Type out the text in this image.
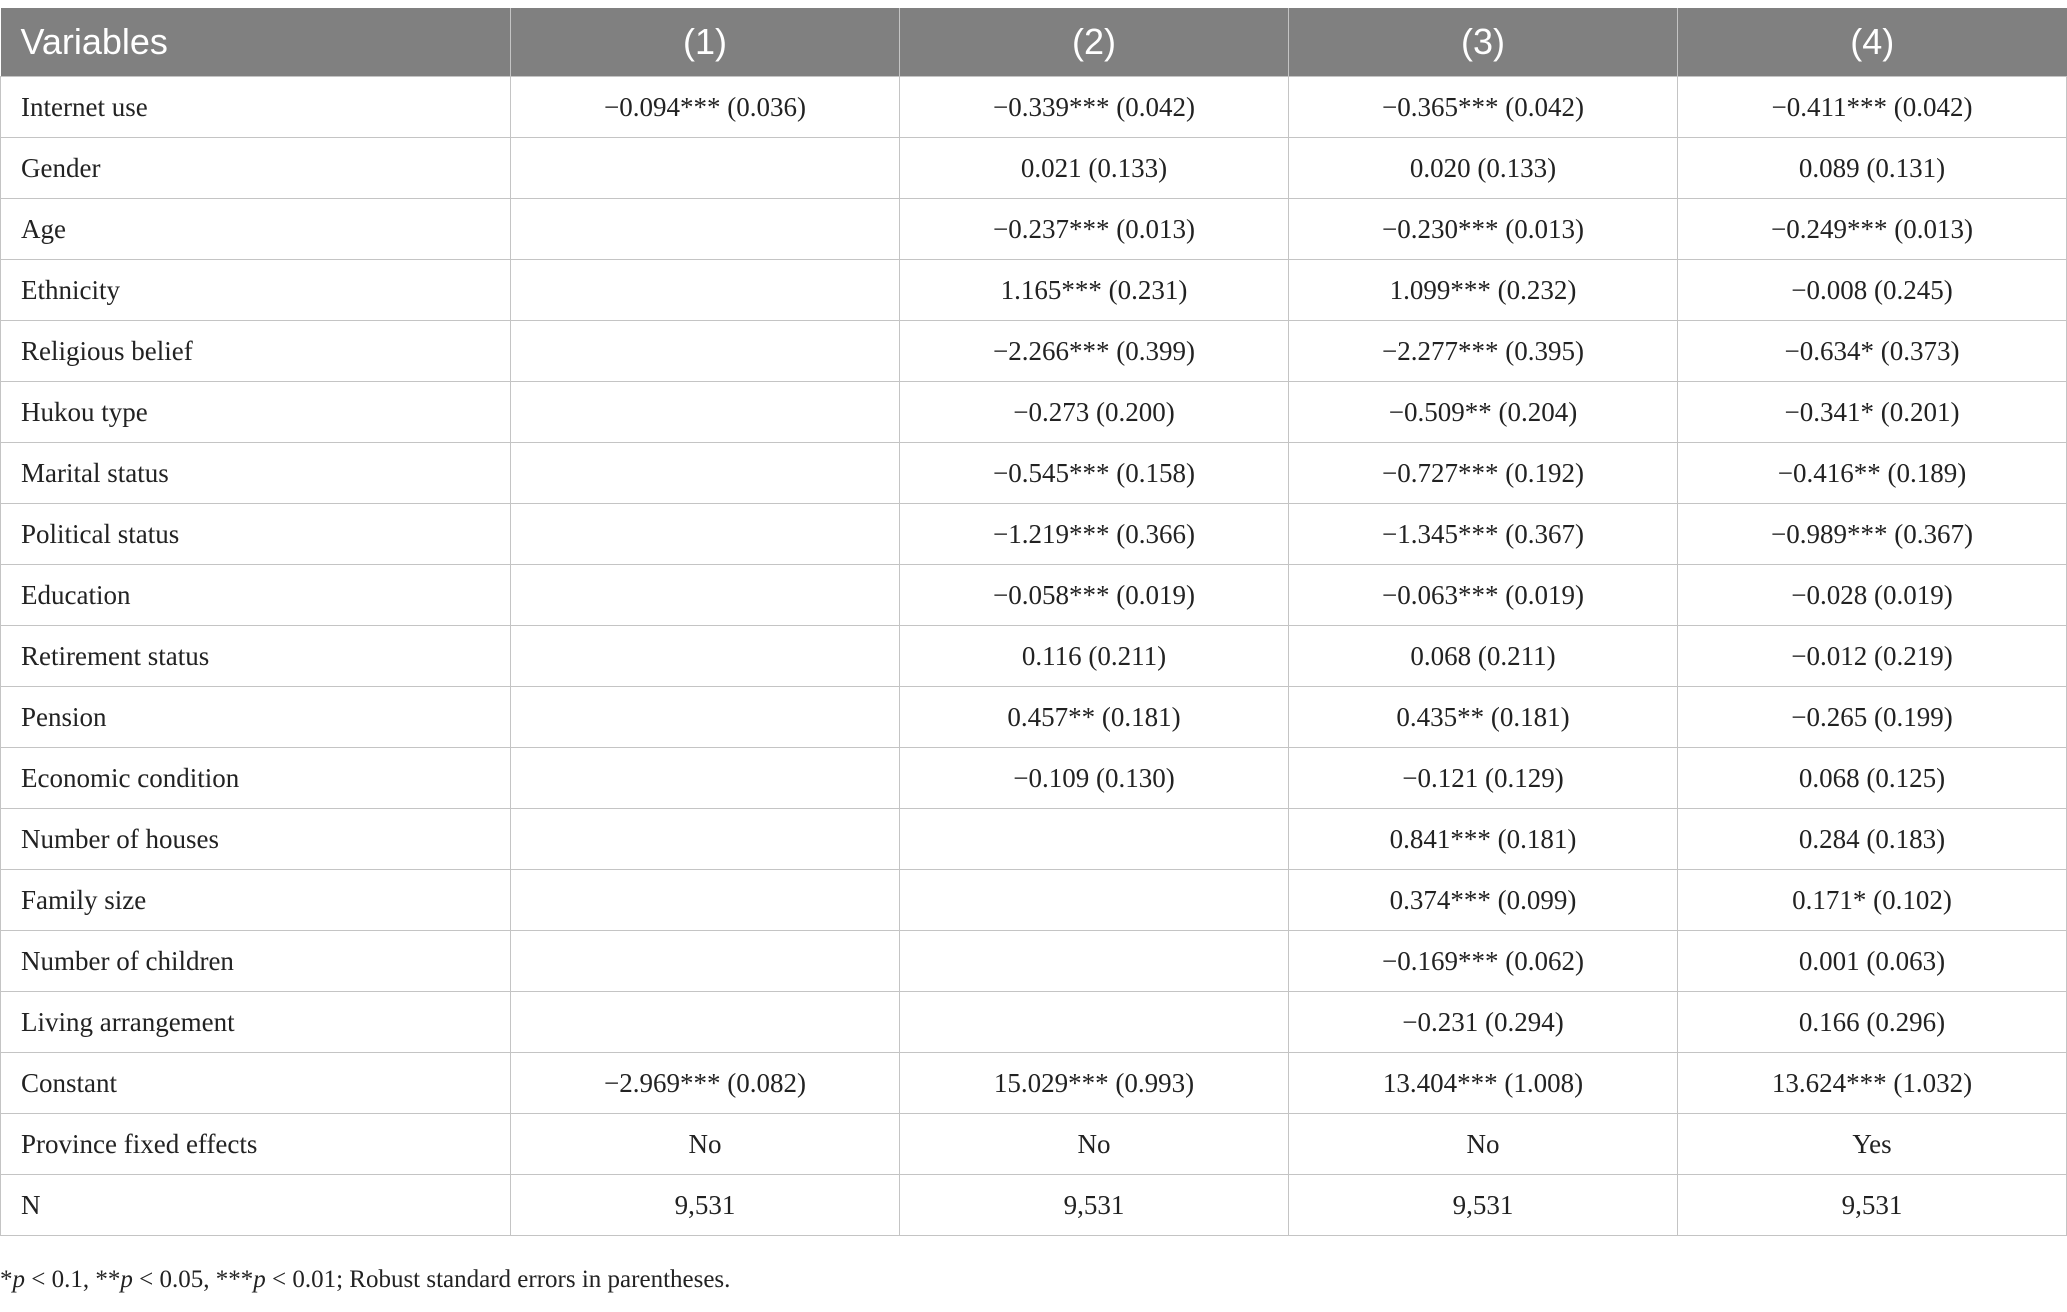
Variables	(1)	(2)	(3)	(4)
Internet use	−0.094*** (0.036)	−0.339*** (0.042)	−0.365*** (0.042)	−0.411*** (0.042)
Gender		0.021 (0.133)	0.020 (0.133)	0.089 (0.131)
Age		−0.237*** (0.013)	−0.230*** (0.013)	−0.249*** (0.013)
Ethnicity		1.165*** (0.231)	1.099*** (0.232)	−0.008 (0.245)
Religious belief		−2.266*** (0.399)	−2.277*** (0.395)	−0.634* (0.373)
Hukou type		−0.273 (0.200)	−0.509** (0.204)	−0.341* (0.201)
Marital status		−0.545*** (0.158)	−0.727*** (0.192)	−0.416** (0.189)
Political status		−1.219*** (0.366)	−1.345*** (0.367)	−0.989*** (0.367)
Education		−0.058*** (0.019)	−0.063*** (0.019)	−0.028 (0.019)
Retirement status		0.116 (0.211)	0.068 (0.211)	−0.012 (0.219)
Pension		0.457** (0.181)	0.435** (0.181)	−0.265 (0.199)
Economic condition		−0.109 (0.130)	−0.121 (0.129)	0.068 (0.125)
Number of houses			0.841*** (0.181)	0.284 (0.183)
Family size			0.374*** (0.099)	0.171* (0.102)
Number of children			−0.169*** (0.062)	0.001 (0.063)
Living arrangement			−0.231 (0.294)	0.166 (0.296)
Constant	−2.969*** (0.082)	15.029*** (0.993)	13.404*** (1.008)	13.624*** (1.032)
Province fixed effects	No	No	No	Yes
N	9,531	9,531	9,531	9,531
*p < 0.1, **p < 0.05, ***p < 0.01; Robust standard errors in parentheses.
